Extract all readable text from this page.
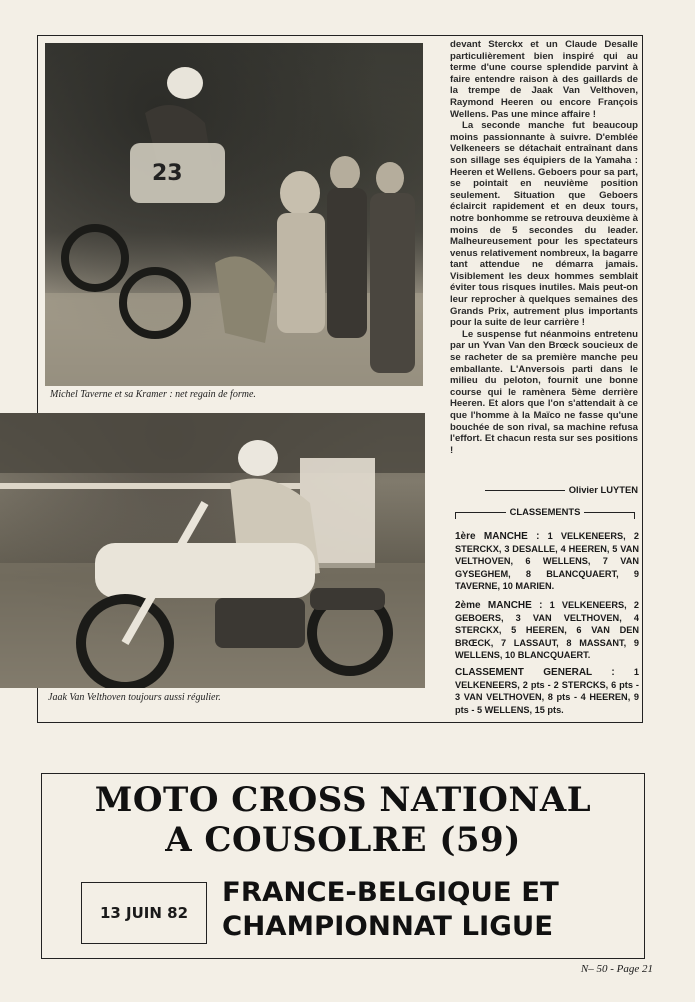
23
Michel Taverne et sa Kramer : net regain de forme.
Jaak Van Velthoven toujours aussi régulier.

devant Sterckx et un Claude Desalle particulièrement bien inspiré qui au terme d'une course splendide parvint à faire entendre raison à des gaillards de la trempe de Jaak Van Velthoven, Raymond Heeren ou encore François Wellens. Pas une mince affaire !

La seconde manche fut beaucoup moins passionnante à suivre. D'emblée Velkeneers se détachait entraînant dans son sillage ses équipiers de la Yamaha : Heeren et Wellens. Geboers pour sa part, se pointait en neuvième position seulement. Situation que Geboers éclaircit rapidement et en deux tours, notre bonhomme se retrouva deuxième à moins de 5 secondes du leader. Malheureusement pour les spectateurs venus relativement nombreux, la bagarre tant attendue ne démarra jamais. Visiblement les deux hommes semblait éviter tous risques inutiles. Mais peut-on leur reprocher à quelques semaines des Grands Prix, autrement plus importants pour la suite de leur carrière !

Le suspense fut néanmoins entretenu par un Yvan Van den Brœck soucieux de se racheter de sa première manche peu emballante. L'Anversois parti dans le milieu du peloton, fournit une bonne course qui le ramènera 5ème derrière Heeren. Et alors que l'on s'attendait à ce que l'homme à la Maïco ne fasse qu'une bouchée de son rival, sa machine refusa l'effort. Et chacun resta sur ses positions !

Olivier LUYTEN
CLASSEMENTS
1ère MANCHE : 1 VELKENEERS, 2 STERCKX, 3 DESALLE, 4 HEEREN, 5 VAN VELTHOVEN, 6 WELLENS, 7 VAN GYSEGHEM, 8 BLANCQUAERT, 9 TAVERNE, 10 MARIEN.
2ème MANCHE : 1 VELKENEERS, 2 GEBOERS, 3 VAN VELTHOVEN, 4 STERCKX, 5 HEEREN, 6 VAN DEN BRŒCK, 7 LASSAUT, 8 MASSANT, 9 WELLENS, 10 BLANCQUAERT.
CLASSEMENT GENERAL : 1 VELKENEERS, 2 pts - 2 STERCKS, 6 pts - 3 VAN VELTHOVEN, 8 pts - 4 HEEREN, 9 pts - 5 WELLENS, 15 pts.
MOTO CROSS NATIONAL
A COUSOLRE (59)
13 JUIN 82
FRANCE-BELGIQUE ET
CHAMPIONNAT LIGUE
N– 50 - Page 21
